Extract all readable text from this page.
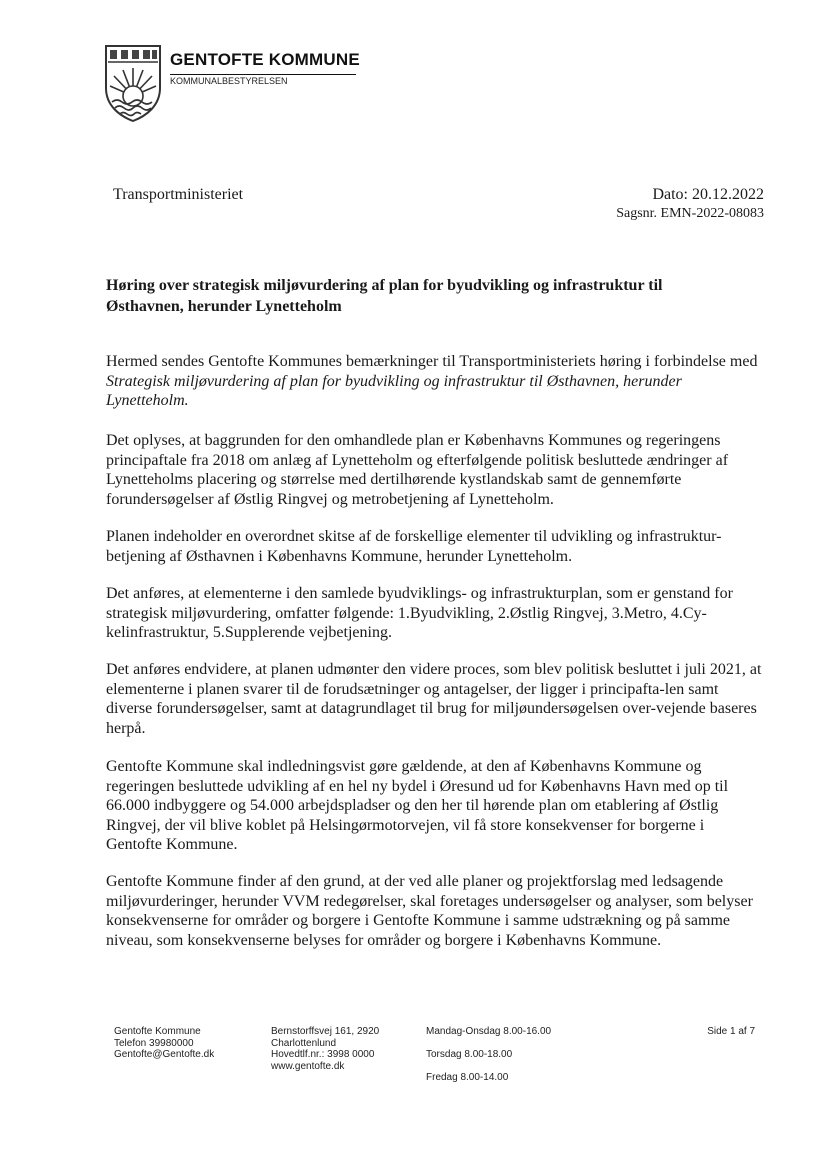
GENTOFTE KOMMUNE
KOMMUNALBESTYRELSEN
Transportministeriet	Dato: 20.12.2022
Sagsnr. EMN-2022-08083
Høring over strategisk miljøvurdering af plan for byudvikling og infrastruktur til Østhavnen, herunder Lynetteholm

Hermed sendes Gentofte Kommunes bemærkninger til Transportministeriets høring i forbindelse med Strategisk miljøvurdering af plan for byudvikling og infrastruktur til Østhavnen, herunder Lynetteholm.

Det oplyses, at baggrunden for den omhandlede plan er Københavns Kommunes og regeringens principaftale fra 2018 om anlæg af Lynetteholm og efterfølgende politisk besluttede ændringer af Lynetteholms placering og størrelse med dertilhørende kystlandskab samt de gennemførte forundersøgelser af Østlig Ringvej og metrobetjening af Lynetteholm.

Planen indeholder en overordnet skitse af de forskellige elementer til udvikling og infrastruktur-betjening af Østhavnen i Københavns Kommune, herunder Lynetteholm.

Det anføres, at elementerne i den samlede byudviklings- og infrastrukturplan, som er genstand for strategisk miljøvurdering, omfatter følgende: 1.Byudvikling, 2.Østlig Ringvej, 3.Metro, 4.Cy-kelinfrastruktur, 5.Supplerende vejbetjening.

Det anføres endvidere, at planen udmønter den videre proces, som blev politisk besluttet i juli 2021, at elementerne i planen svarer til de forudsætninger og antagelser, der ligger i principafta-len samt diverse forundersøgelser, samt at datagrundlaget til brug for miljøundersøgelsen over-vejende baseres herpå.

Gentofte Kommune skal indledningsvist gøre gældende, at den af Københavns Kommune og regeringen besluttede udvikling af en hel ny bydel i Øresund ud for Københavns Havn med op til 66.000 indbyggere og 54.000 arbejdspladser og den her til hørende plan om etablering af Østlig Ringvej, der vil blive koblet på Helsingørmotorvejen, vil få store konsekvenser for borgerne i Gentofte Kommune.

Gentofte Kommune finder af den grund, at der ved alle planer og projektforslag med ledsagende miljøvurderinger, herunder VVM redegørelser, skal foretages undersøgelser og analyser, som belyser konsekvenserne for områder og borgere i Gentofte Kommune i samme udstrækning og på samme niveau, som konsekvenserne belyses for områder og borgere i Københavns Kommune.

Gentofte Kommune
Telefon 39980000
Gentofte@Gentofte.dk
Bernstorffsvej 161, 2920
Charlottenlund
Hovedtlf.nr.: 3998 0000
www.gentofte.dk
Mandag-Onsdag 8.00-16.00
Torsdag 8.00-18.00
Fredag 8.00-14.00
Side 1 af 7
